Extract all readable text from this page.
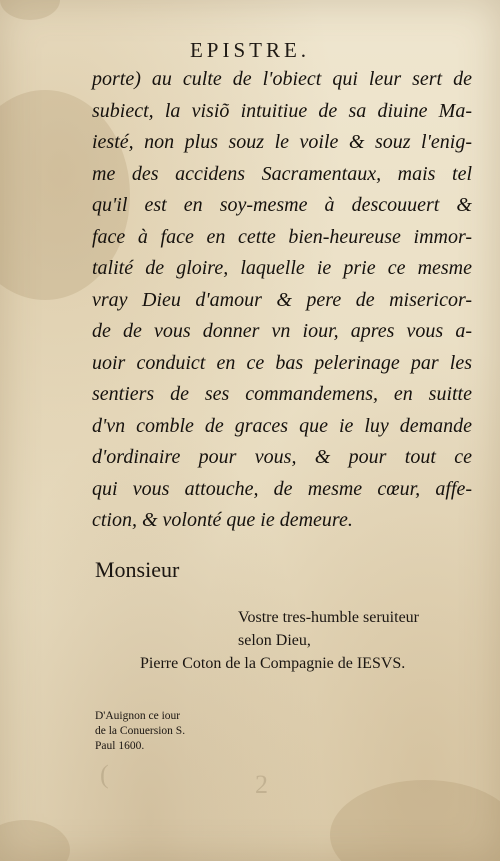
(	2
EPISTRE.
porte) au culte de l'obiect qui leur sert de
subiect, la visiõ intuitiue de sa diuine Ma-
iesté, non plus souz le voile & souz l'enig-
me des accidens Sacramentaux, mais tel
qu'il est en soy-mesme à descouuert &
face à face en cette bien-heureuse immor-
talité de gloire, laquelle ie prie ce mesme
vray Dieu d'amour & pere de misericor-
de de vous donner vn iour, apres vous a-
uoir conduict en ce bas pelerinage par les
sentiers de ses commandemens, en suitte
d'vn comble de graces que ie luy demande
d'ordinaire pour vous, & pour tout ce
qui vous attouche, de mesme cœur, affe-
ction, & volonté que ie demeure.
Monsieur
Vostre tres-humble seruiteur
selon Dieu,
Pierre Coton de la Compagnie de IESVS.
D'Auignon ce iour
de la Conuersion S.
Paul 1600.
